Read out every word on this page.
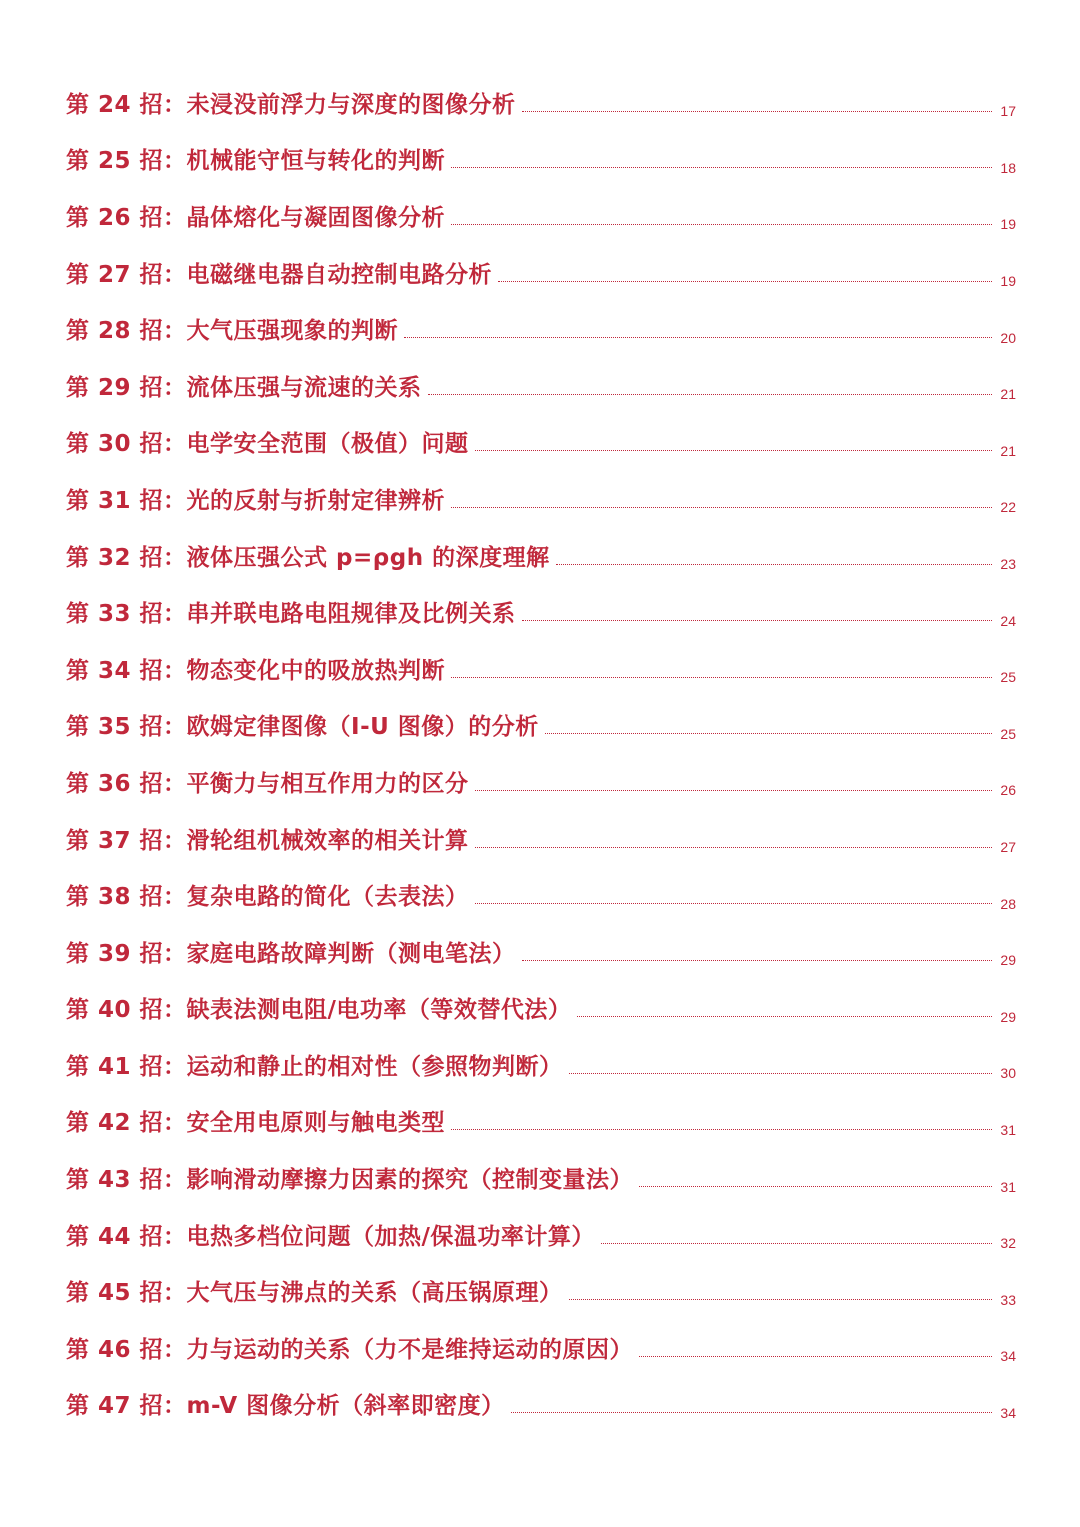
第 24 招：未浸没前浮力与深度的图像分析	17
第 25 招：机械能守恒与转化的判断	18
第 26 招：晶体熔化与凝固图像分析	19
第 27 招：电磁继电器自动控制电路分析	19
第 28 招：大气压强现象的判断	20
第 29 招：流体压强与流速的关系	21
第 30 招：电学安全范围（极值）问题	21
第 31 招：光的反射与折射定律辨析	22
第 32 招：液体压强公式 p=ρgh 的深度理解	23
第 33 招：串并联电路电阻规律及比例关系	24
第 34 招：物态变化中的吸放热判断	25
第 35 招：欧姆定律图像（I-U 图像）的分析	25
第 36 招：平衡力与相互作用力的区分	26
第 37 招：滑轮组机械效率的相关计算	27
第 38 招：复杂电路的简化（去表法）	28
第 39 招：家庭电路故障判断（测电笔法）	29
第 40 招：缺表法测电阻/电功率（等效替代法）	29
第 41 招：运动和静止的相对性（参照物判断）	30
第 42 招：安全用电原则与触电类型	31
第 43 招：影响滑动摩擦力因素的探究（控制变量法）	31
第 44 招：电热多档位问题（加热/保温功率计算）	32
第 45 招：大气压与沸点的关系（高压锅原理）	33
第 46 招：力与运动的关系（力不是维持运动的原因）	34
第 47 招：m-V 图像分析（斜率即密度）	34
